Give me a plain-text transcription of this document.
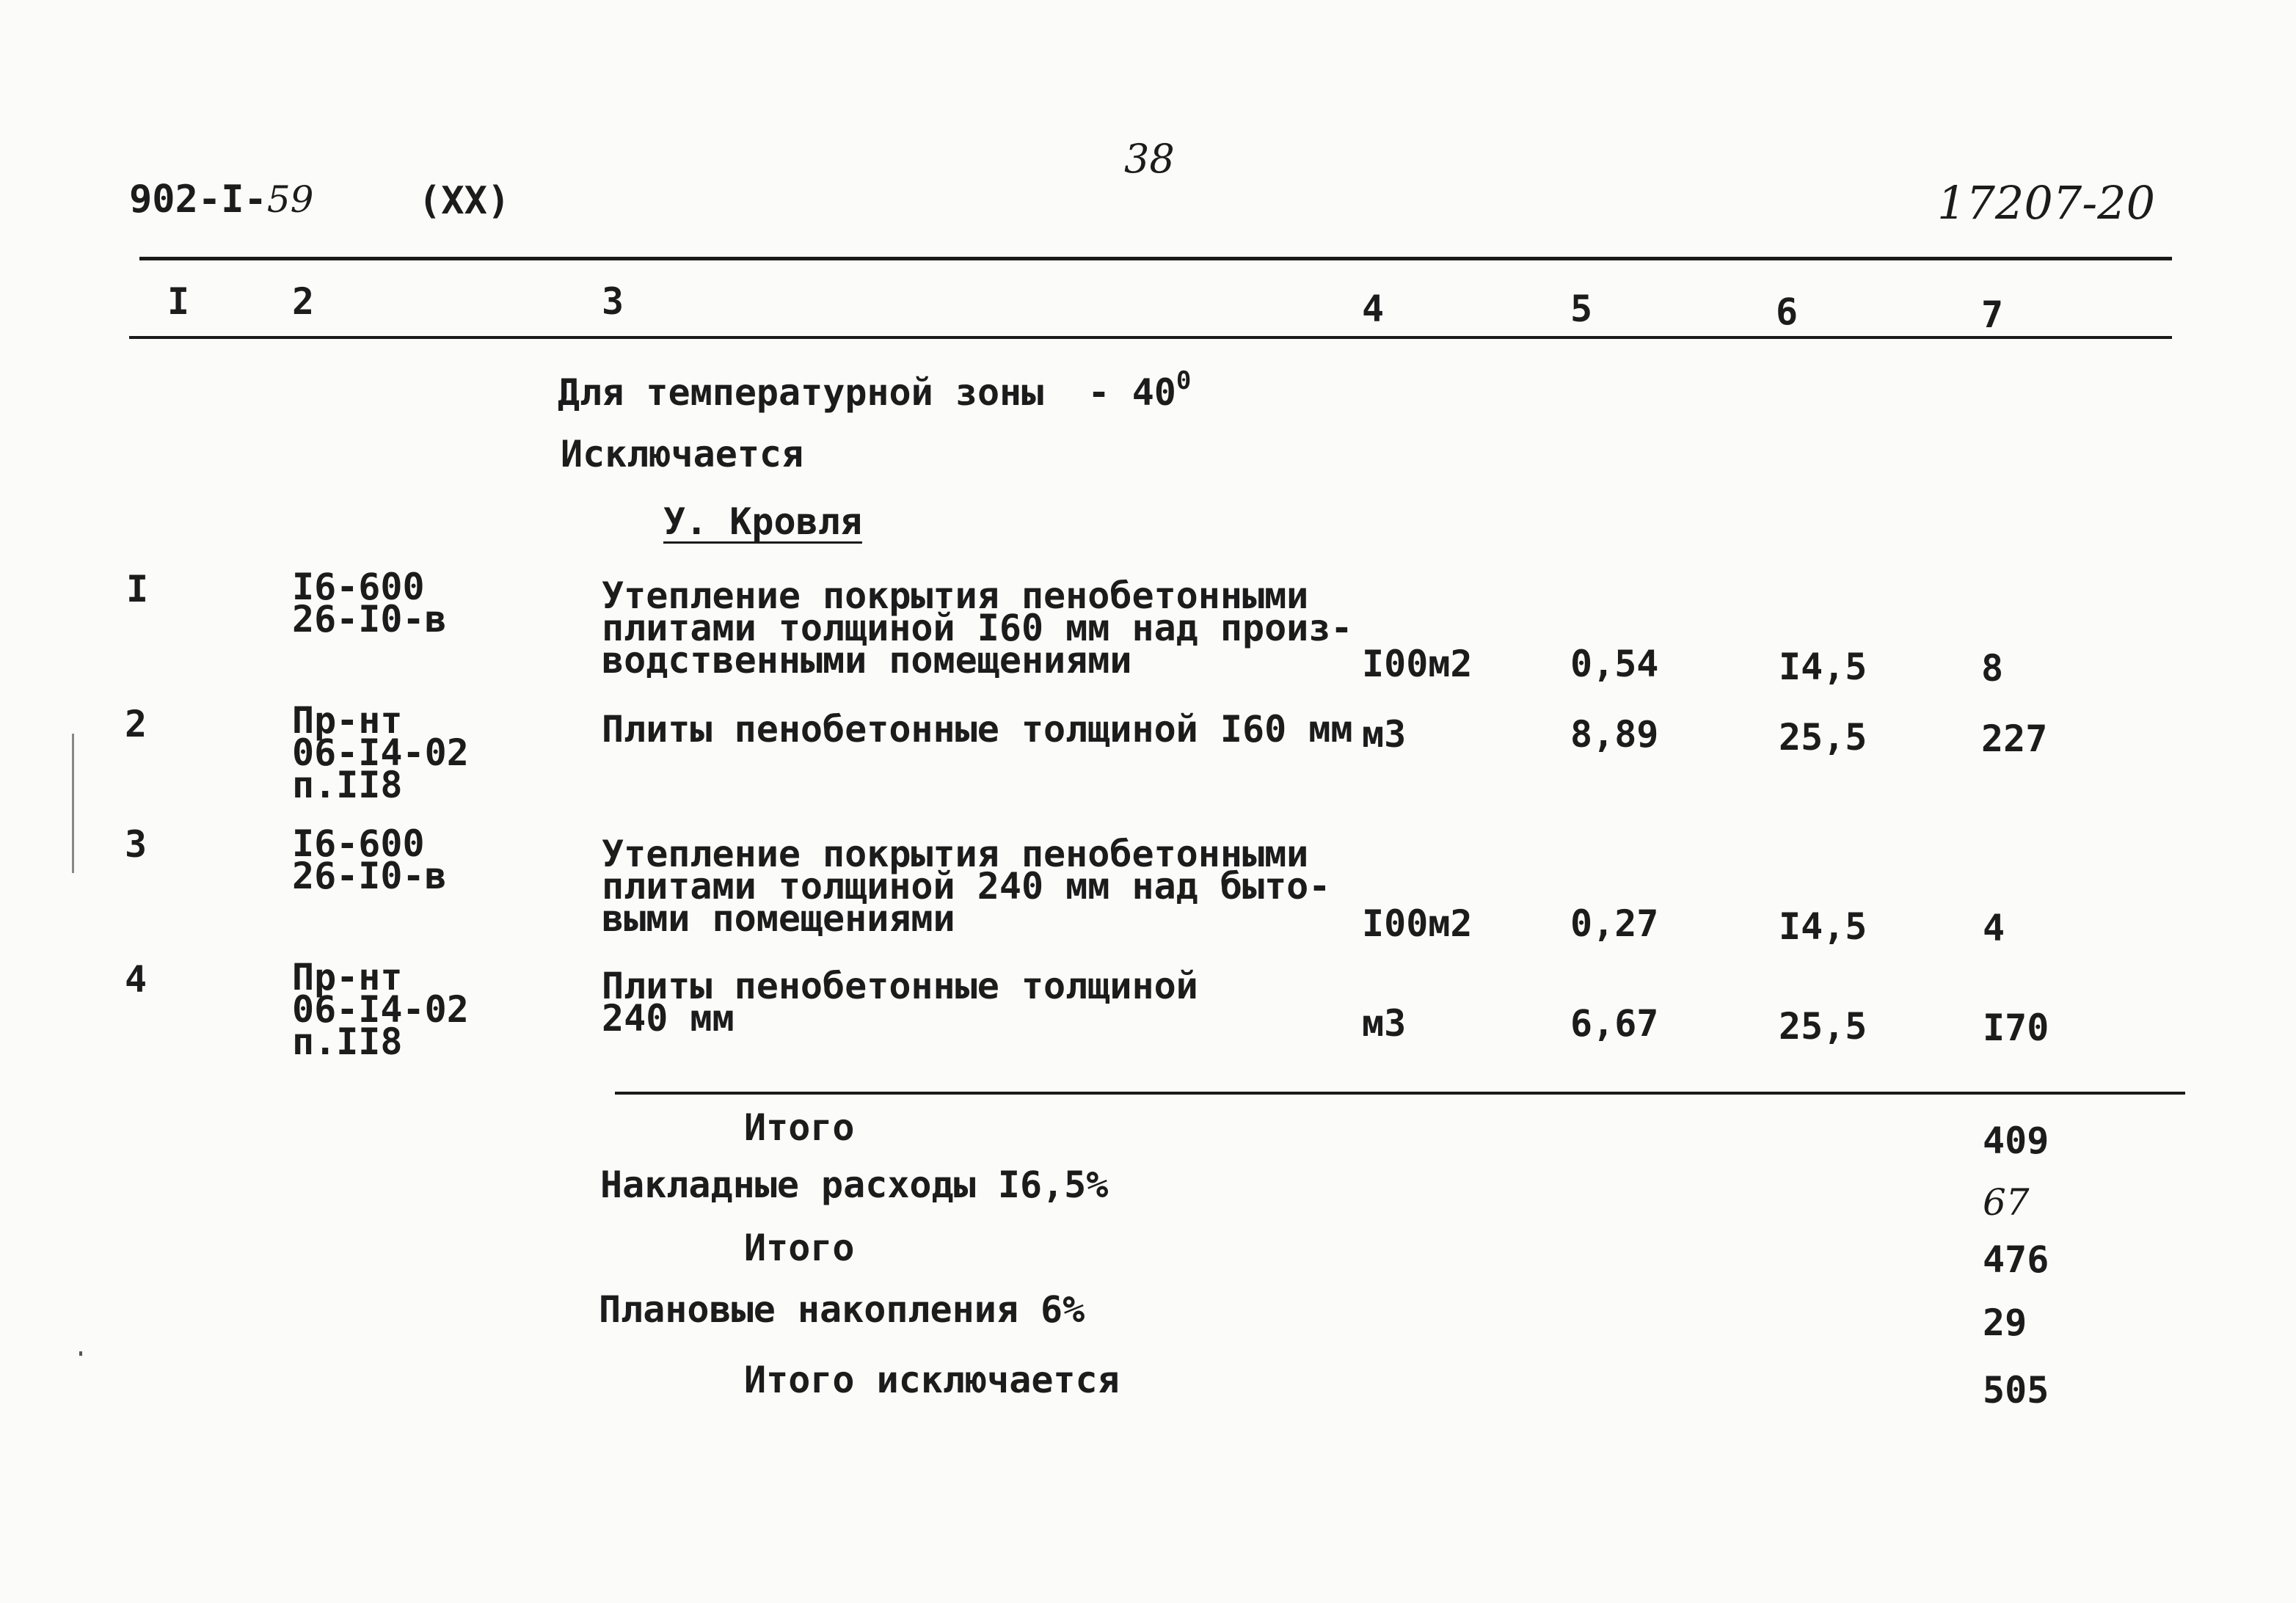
902-I-59	(XX)
38
17207-20
I	2	3	4	5	6	7
Для температурной зоны - $40^0$
Исключается
У. Кровля
I	I6-600
26-I0-в
Утепление покрытия пенобетонными
плитами толщиной I60 мм над произ-
водственными помещениями	I00м2	0,54	I4,5	8
2	Пр-нт
06-I4-02
п.II8
Плиты пенобетонные толщиной I60 мм м3	8,89	25,5	227
3	I6-600
26-I0-в
Утепление покрытия пенобетонными
плитами толщиной 240 мм над быто-
выми помещениями	I00м2	0,27	I4,5	4
4	Пр-нт
06-I4-02
п.II8
Плиты пенобетонные толщиной
240 мм	м3	6,67	25,5	I70
Итого	409
Накладные расходы I6,5%	67
Итого	476
Плановые накопления 6%	29
Итого исключается	505
